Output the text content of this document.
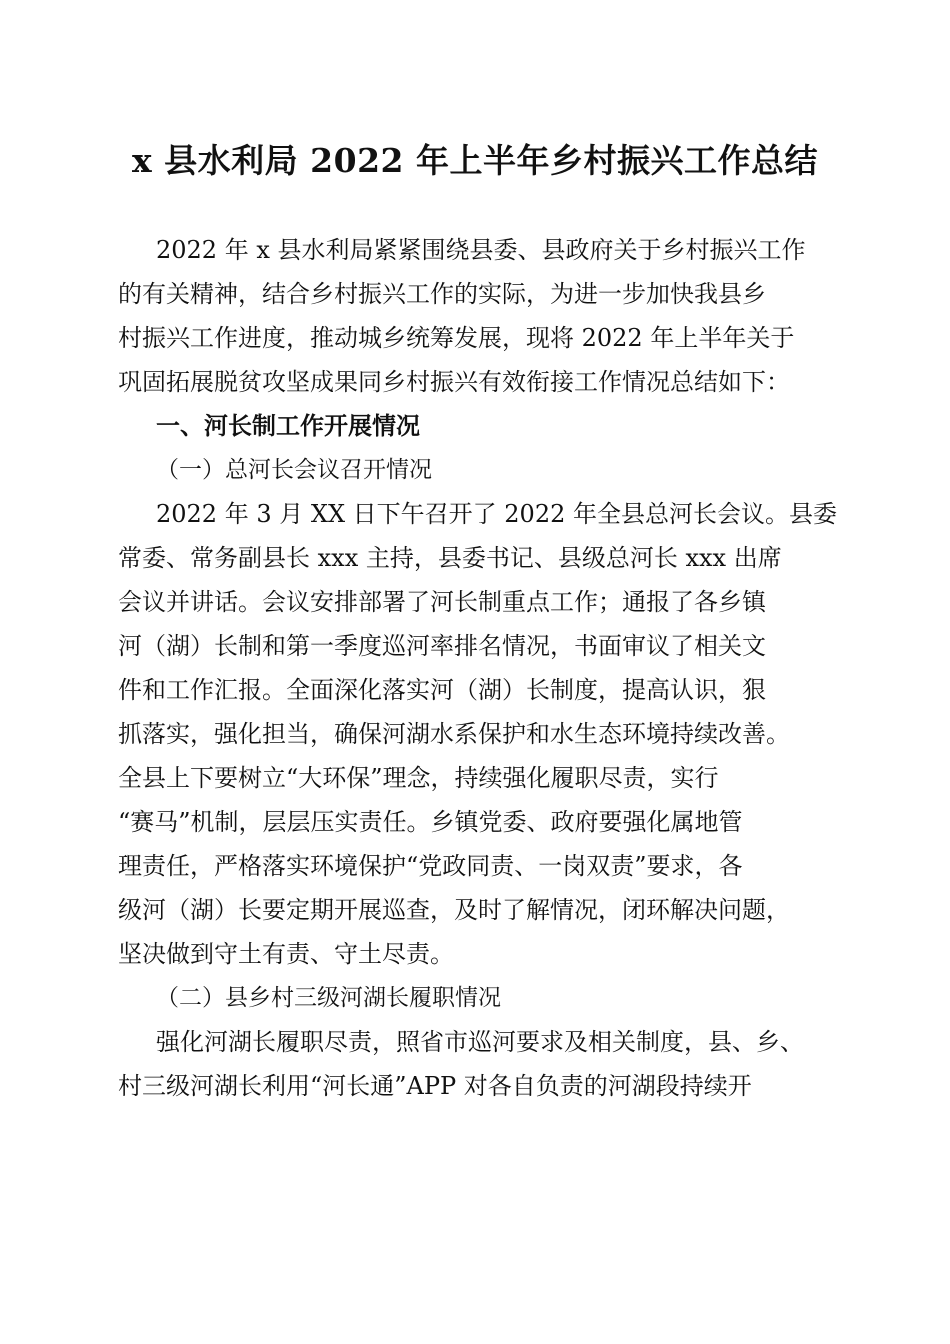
x 县水利局 2022 年上半年乡村振兴工作总结
2022 年 x 县水利局紧紧围绕县委、县政府关于乡村振兴工作
的有关精神，结合乡村振兴工作的实际，为进一步加快我县乡
村振兴工作进度，推动城乡统筹发展，现将 2022 年上半年关于
巩固拓展脱贫攻坚成果同乡村振兴有效衔接工作情况总结如下：
一、河长制工作开展情况
（一）总河长会议召开情况
2022 年 3 月 XX 日下午召开了 2022 年全县总河长会议。县委
常委、常务副县长 xxx 主持，县委书记、县级总河长 xxx 出席
会议并讲话。会议安排部署了河长制重点工作；通报了各乡镇
河（湖）长制和第一季度巡河率排名情况，书面审议了相关文
件和工作汇报。全面深化落实河（湖）长制度，提高认识，狠
抓落实，强化担当，确保河湖水系保护和水生态环境持续改善。
全县上下要树立“大环保”理念，持续强化履职尽责，实行
“赛马”机制，层层压实责任。乡镇党委、政府要强化属地管
理责任，严格落实环境保护“党政同责、一岗双责”要求，各
级河（湖）长要定期开展巡查，及时了解情况，闭环解决问题，
坚决做到守土有责、守土尽责。
（二）县乡村三级河湖长履职情况
强化河湖长履职尽责，照省市巡河要求及相关制度，县、乡、
村三级河湖长利用“河长通”APP 对各自负责的河湖段持续开
